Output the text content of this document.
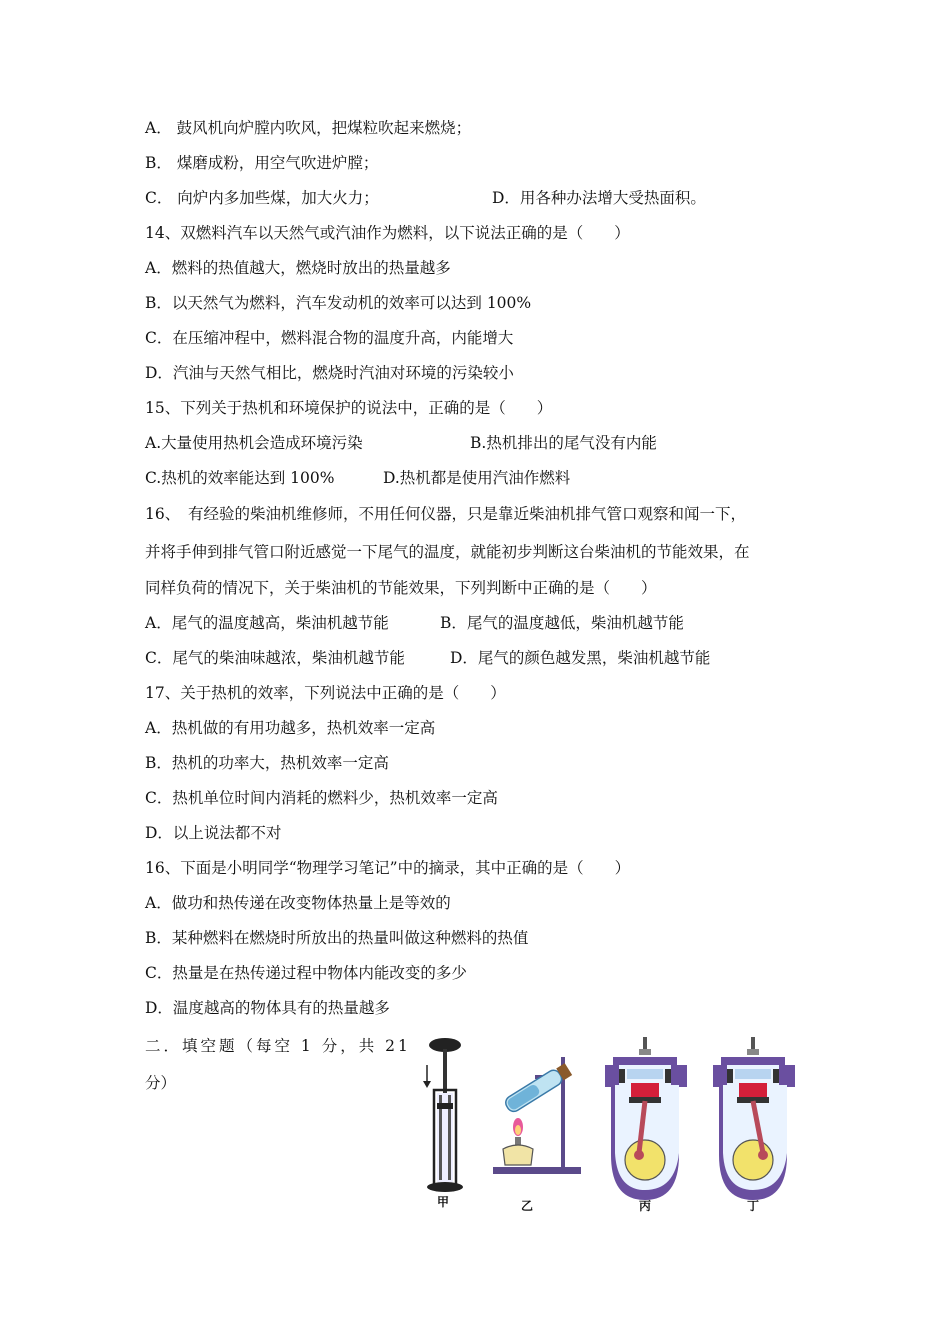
A． 鼓风机向炉膛内吹风，把煤粒吹起来燃烧；
B． 煤磨成粉，用空气吹进炉膛；
C． 向炉内多加些煤，加大火力；	D．用各种办法增大受热面积。
14、双燃料汽车以天然气或汽油作为燃料，以下说法正确的是（　　）
A．燃料的热值越大，燃烧时放出的热量越多
B．以天然气为燃料，汽车发动机的效率可以达到 100%
C．在压缩冲程中，燃料混合物的温度升高，内能增大
D．汽油与天然气相比，燃烧时汽油对环境的污染较小
15、下列关于热机和环境保护的说法中，正确的是（　　）
A.大量使用热机会造成环境污染	B.热机排出的尾气没有内能
C.热机的效率能达到 100%	D.热机都是使用汽油作燃料
16、　有经验的柴油机维修师，不用任何仪器，只是靠近柴油机排气管口观察和闻一下，
并将手伸到排气管口附近感觉一下尾气的温度，就能初步判断这台柴油机的节能效果，在
同样负荷的情况下，关于柴油机的节能效果，下列判断中正确的是（　　）
A．尾气的温度越高，柴油机越节能	B．尾气的温度越低，柴油机越节能
C．尾气的柴油味越浓，柴油机越节能	D．尾气的颜色越发黑，柴油机越节能
17、关于热机的效率，下列说法中正确的是（　　）
A．热机做的有用功越多，热机效率一定高
B．热机的功率大，热机效率一定高
C．热机单位时间内消耗的燃料少，热机效率一定高
D．以上说法都不对
16、下面是小明同学“物理学习笔记”中的摘录，其中正确的是（　　）
A．做功和热传递在改变物体热量上是等效的
B．某种燃料在燃烧时所放出的热量叫做这种燃料的热值
C．热量是在热传递过程中物体内能改变的多少
D．温度越高的物体具有的热量越多
二．填空题（每空 1 分，共 21
分）
甲	乙	丙	丁
